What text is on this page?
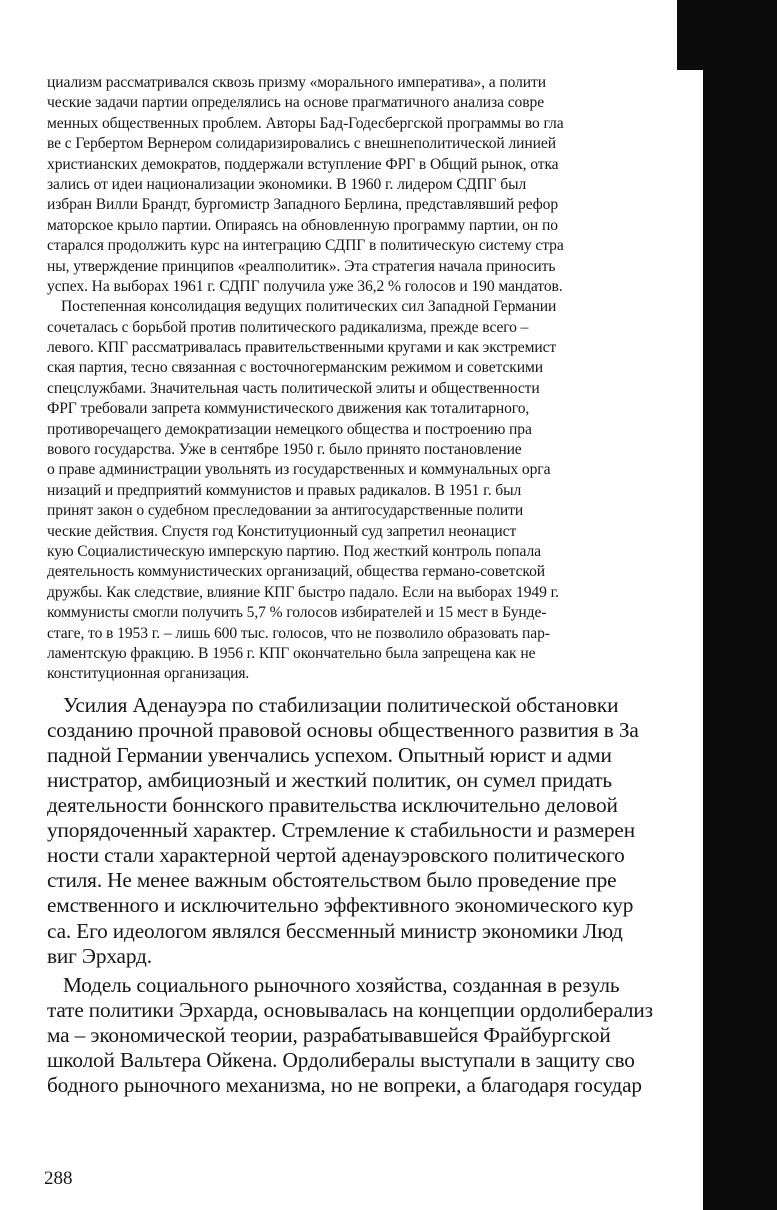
циализм рассматривался сквозь призму «морального императива», а полити
ческие задачи партии определялись на основе прагматичного анализа совре
менных общественных проблем. Авторы Бад-Годесбергской программы во гла
ве с Гербертом Вернером солидаризировались с внешнеполитической линией
христианских демократов, поддержали вступление ФРГ в Общий рынок, отка
зались от идеи национализации экономики. В 1960 г. лидером СДПГ был
избран Вилли Брандт, бургомистр Западного Берлина, представлявший рефор
маторское крыло партии. Опираясь на обновленную программу партии, он по
старался продолжить курс на интеграцию СДПГ в политическую систему стра
ны, утверждение принципов «реалполитик». Эта стратегия начала приносить
успех. На выборах 1961 г. СДПГ получила уже 36,2 % голосов и 190 мандатов.
Постепенная консолидация ведущих политических сил Западной Германии
сочеталась с борьбой против политического радикализма, прежде всего –
левого. КПГ рассматривалась правительственными кругами и как экстремист
ская партия, тесно связанная с восточногерманским режимом и советскими
спецслужбами. Значительная часть политической элиты и общественности
ФРГ требовали запрета коммунистического движения как тоталитарного,
противоречащего демократизации немецкого общества и построению пра
вового государства. Уже в сентябре 1950 г. было принято постановление
о праве администрации увольнять из государственных и коммунальных орга
низаций и предприятий коммунистов и правых радикалов. В 1951 г. был
принят закон о судебном преследовании за антигосударственные полити
ческие действия. Спустя год Конституционный суд запретил неонацист
кую Социалистическую имперскую партию. Под жесткий контроль попала
деятельность коммунистических организаций, общества германо-советской
дружбы. Как следствие, влияние КПГ быстро падало. Если на выборах 1949 г.
коммунисты смогли получить 5,7 % голосов избирателей и 15 мест в Бунде-
стаге, то в 1953 г. – лишь 600 тыс. голосов, что не позволило образовать пар-
ламентскую фракцию. В 1956 г. КПГ окончательно была запрещена как не
конституционная организация.
Усилия Аденауэра по стабилизации политической обстановки
созданию прочной правовой основы общественного развития в За
падной Германии увенчались успехом. Опытный юрист и адми
нистратор, амбициозный и жесткий политик, он сумел придать
деятельности боннского правительства исключительно деловой
упорядоченный характер. Стремление к стабильности и размерен
ности стали характерной чертой аденауэровского политического
стиля. Не менее важным обстоятельством было проведение пре
емственного и исключительно эффективного экономического кур
са. Его идеологом являлся бессменный министр экономики Люд
виг Эрхард.
Модель социального рыночного хозяйства, созданная в резуль
тате политики Эрхарда, основывалась на концепции ордолиберализ
ма – экономической теории, разрабатывавшейся Фрайбургской
школой Вальтера Ойкена. Ордолибералы выступали в защиту сво
бодного рыночного механизма, но не вопреки, а благодаря государ
288
